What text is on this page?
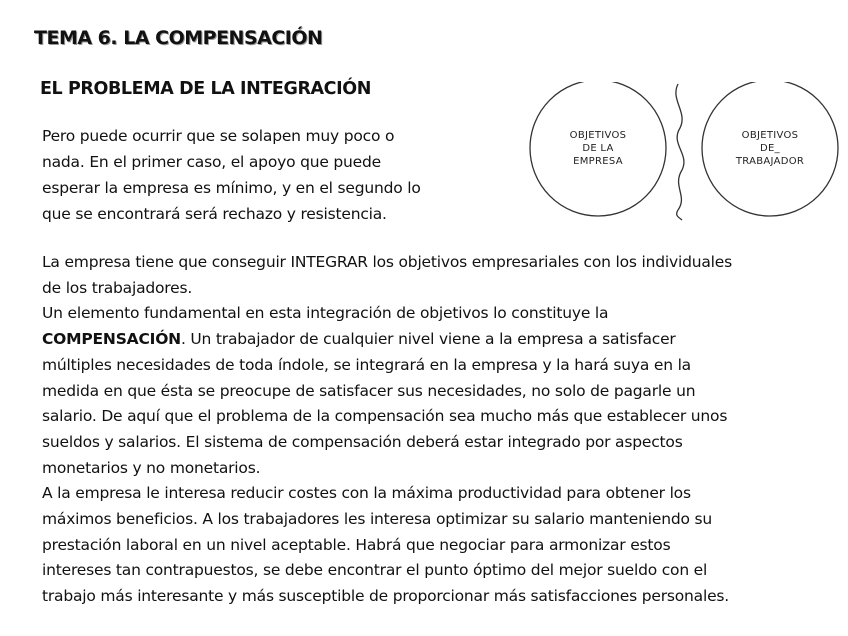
TEMA 6. LA COMPENSACIÓN
EL PROBLEMA DE LA INTEGRACIÓN
Pero puede ocurrir que se solapen muy poco o
nada. En el primer caso, el apoyo que puede
esperar la empresa es mínimo, y en el segundo lo
que se encontrará será rechazo y resistencia.
OBJETIVOS
DE LA
EMPRESA
OBJETIVOS
DE_
TRABAJADOR
La empresa tiene que conseguir INTEGRAR los objetivos empresariales con los individuales
de los trabajadores.
Un elemento fundamental en esta integración de objetivos lo constituye la
COMPENSACIÓN. Un trabajador de cualquier nivel viene a la empresa a satisfacer
múltiples necesidades de toda índole, se integrará en la empresa y la hará suya en la
medida en que ésta se preocupe de satisfacer sus necesidades, no solo de pagarle un
salario. De aquí que el problema de la compensación sea mucho más que establecer unos
sueldos y salarios. El sistema de compensación deberá estar integrado por aspectos
monetarios y no monetarios.
A la empresa le interesa reducir costes con la máxima productividad para obtener los
máximos beneficios. A los trabajadores les interesa optimizar su salario manteniendo su
prestación laboral en un nivel aceptable. Habrá que negociar para armonizar estos
intereses tan contrapuestos, se debe encontrar el punto óptimo del mejor sueldo con el
trabajo más interesante y más susceptible de proporcionar más satisfacciones personales.
